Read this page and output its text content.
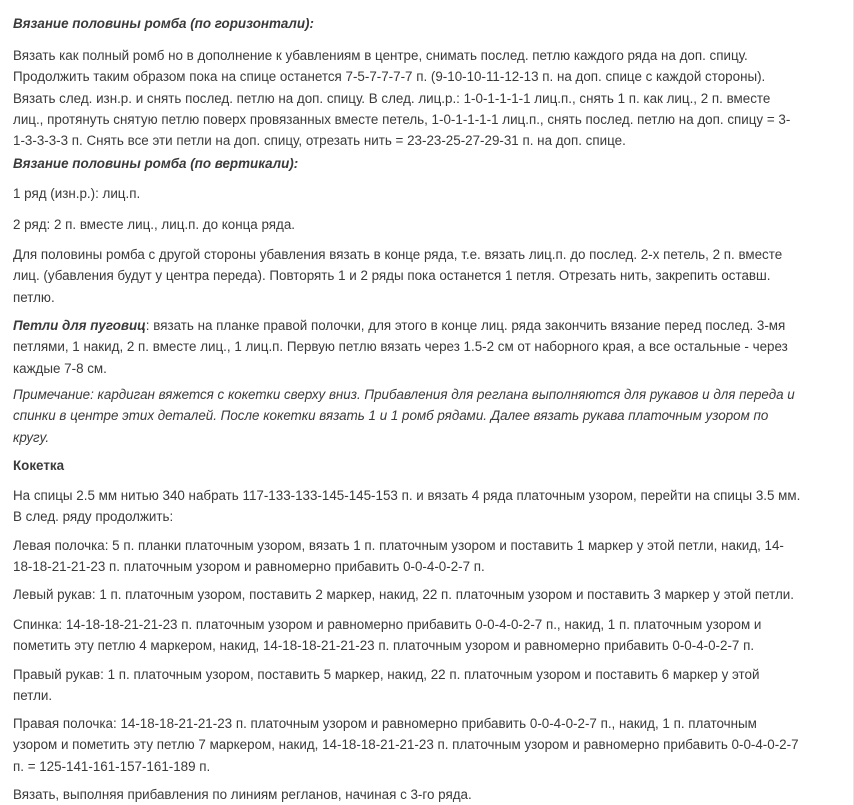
Вязание половины ромба (по горизонтали):

Вязать как полный ромб но в дополнение к убавлениям в центре, снимать послед. петлю каждого ряда на доп. спицу.
Продолжить таким образом пока на спице останется 7-5-7-7-7-7 п. (9-10-10-11-12-13 п. на доп. спице с каждой стороны).
Вязать след. изн.р. и снять послед. петлю на доп. спицу. В след. лиц.р.: 1-0-1-1-1-1 лиц.п., снять 1 п. как лиц., 2 п. вместе
лиц., протянуть снятую петлю поверх провязанных вместе петель, 1-0-1-1-1-1 лиц.п., снять послед. петлю на доп. спицу = 3-
1-3-3-3-3 п. Снять все эти петли на доп. спицу, отрезать нить = 23-23-25-27-29-31 п. на доп. спице.

Вязание половины ромба (по вертикали):

1 ряд (изн.р.): лиц.п.

2 ряд: 2 п. вместе лиц., лиц.п. до конца ряда.

Для половины ромба с другой стороны убавления вязать в конце ряда, т.е. вязать лиц.п. до послед. 2-х петель, 2 п. вместе
лиц. (убавления будут у центра переда). Повторять 1 и 2 ряды пока останется 1 петля. Отрезать нить, закрепить оставш.
петлю.

Петли для пуговиц: вязать на планке правой полочки, для этого в конце лиц. ряда закончить вязание перед послед. 3-мя
петлями, 1 накид, 2 п. вместе лиц., 1 лиц.п. Первую петлю вязать через 1.5-2 см от наборного края, а все остальные - через
каждые 7-8 см.

Примечание: кардиган вяжется с кокетки сверху вниз. Прибавления для реглана выполняются для рукавов и для переда и
спинки в центре этих деталей. После кокетки вязать 1 и 1 ромб рядами. Далее вязать рукава платочным узором по
кругу.

Кокетка

На спицы 2.5 мм нитью 340 набрать 117-133-133-145-145-153 п. и вязать 4 ряда платочным узором, перейти на спицы 3.5 мм.
В след. ряду продолжить:

Левая полочка: 5 п. планки платочным узором, вязать 1 п. платочным узором и поставить 1 маркер у этой петли, накид, 14-
18-18-21-21-23 п. платочным узором и равномерно прибавить 0-0-4-0-2-7 п.

Левый рукав: 1 п. платочным узором, поставить 2 маркер, накид, 22 п. платочным узором и поставить 3 маркер у этой петли.

Спинка: 14-18-18-21-21-23 п. платочным узором и равномерно прибавить 0-0-4-0-2-7 п., накид, 1 п. платочным узором и
пометить эту петлю 4 маркером, накид, 14-18-18-21-21-23 п. платочным узором и равномерно прибавить 0-0-4-0-2-7 п.

Правый рукав: 1 п. платочным узором, поставить 5 маркер, накид, 22 п. платочным узором и поставить 6 маркер у этой
петли.

Правая полочка: 14-18-18-21-21-23 п. платочным узором и равномерно прибавить 0-0-4-0-2-7 п., накид, 1 п. платочным
узором и пометить эту петлю 7 маркером, накид, 14-18-18-21-21-23 п. платочным узором и равномерно прибавить 0-0-4-0-2-7
п. = 125-141-161-157-161-189 п.

Вязать, выполняя прибавления по линиям регланов, начиная с 3-го ряда.
